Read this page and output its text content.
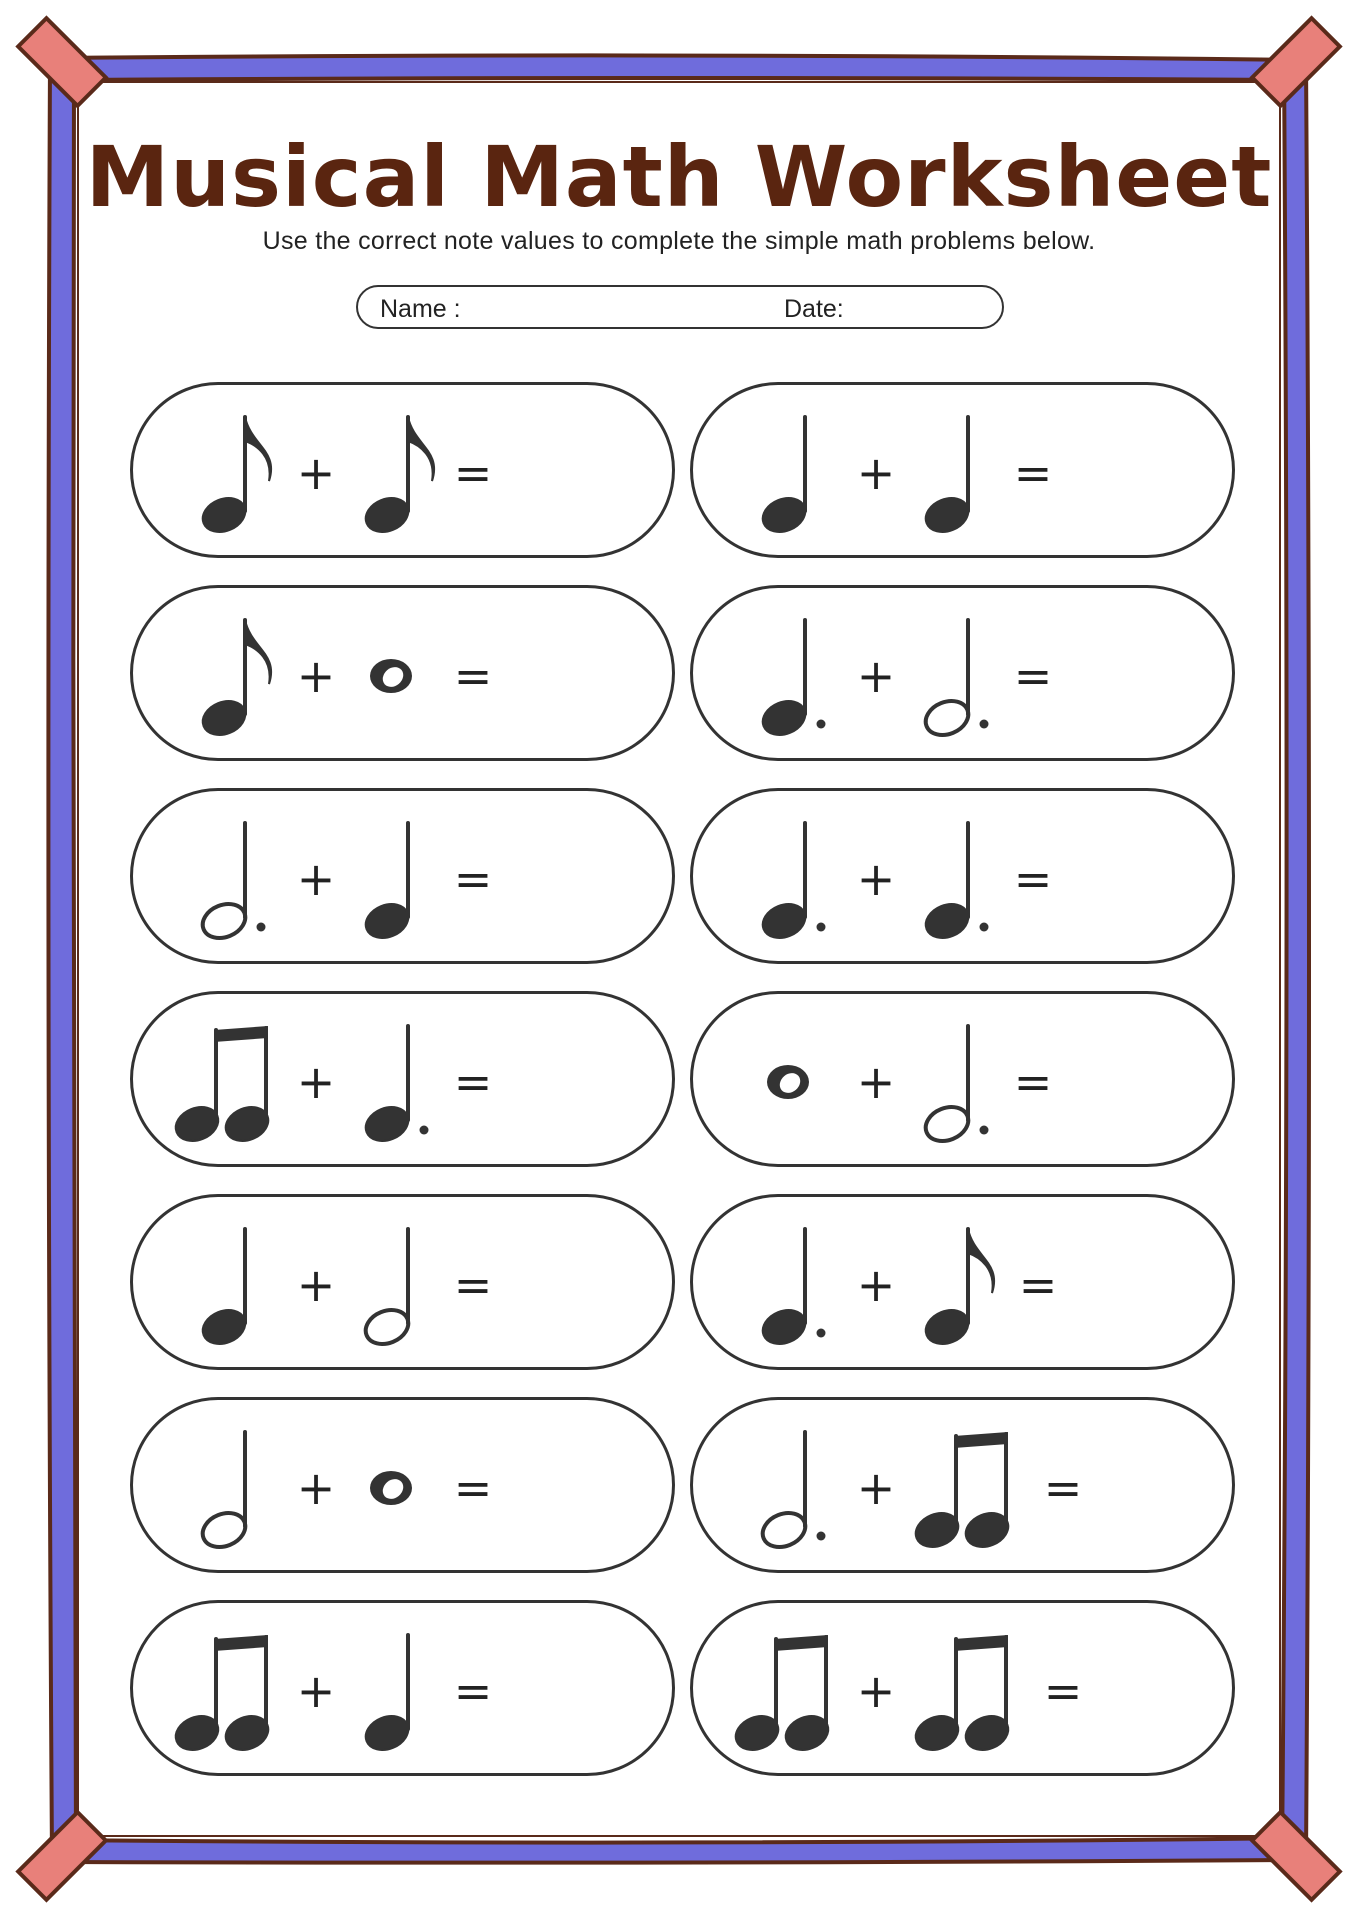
Musical Math Worksheet
Use the correct note values to complete the simple math problems below.
Name :	Date:
+	=	+	=
+	=	+	=
+	=	+	=
+	=	+	=
+	=	+	=
+	=	+	=
+	=	+	=
